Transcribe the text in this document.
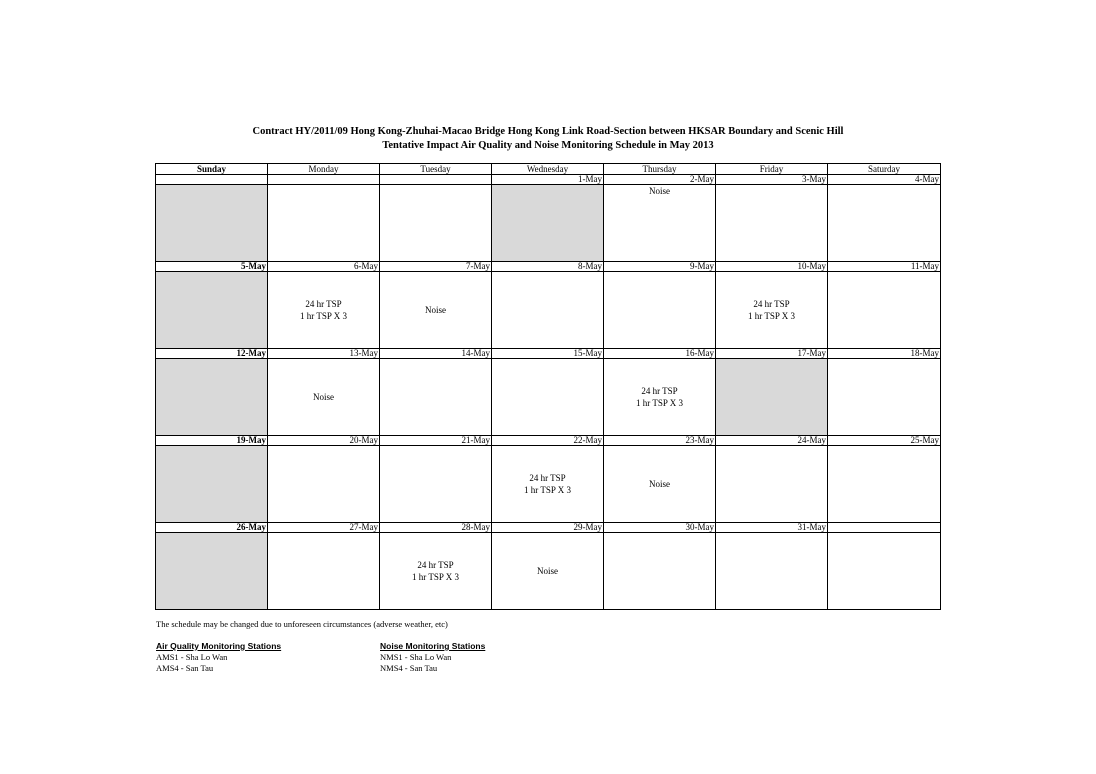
Contract HY/2011/09 Hong Kong-Zhuhai-Macao Bridge Hong Kong Link Road-Section between HKSAR Boundary and Scenic Hill
Tentative Impact Air Quality and Noise Monitoring Schedule in May 2013
Sunday	Monday	Tuesday	Wednesday	Thursday	Friday	Saturday
			1-May	2-May	3-May	4-May

				Noise		

5-May	6-May	7-May	8-May	9-May	10-May	11-May

	24 hr TSP
1 hr TSP X 3	Noise			24 hr TSP
1 hr TSP X 3	

12-May	13-May	14-May	15-May	16-May	17-May	18-May

	Noise			24 hr TSP
1 hr TSP X 3		

19-May	20-May	21-May	22-May	23-May	24-May	25-May

			24 hr TSP
1 hr TSP X 3	Noise		

26-May	27-May	28-May	29-May	30-May	31-May	

		24 hr TSP
1 hr TSP X 3	Noise			

The schedule may be changed due to unforeseen circumstances (adverse weather, etc)
Air Quality Monitoring Stations
AMS1 - Sha Lo Wan
AMS4 - San Tau
Noise Monitoring Stations
NMS1 - Sha Lo Wan
NMS4 - San Tau
